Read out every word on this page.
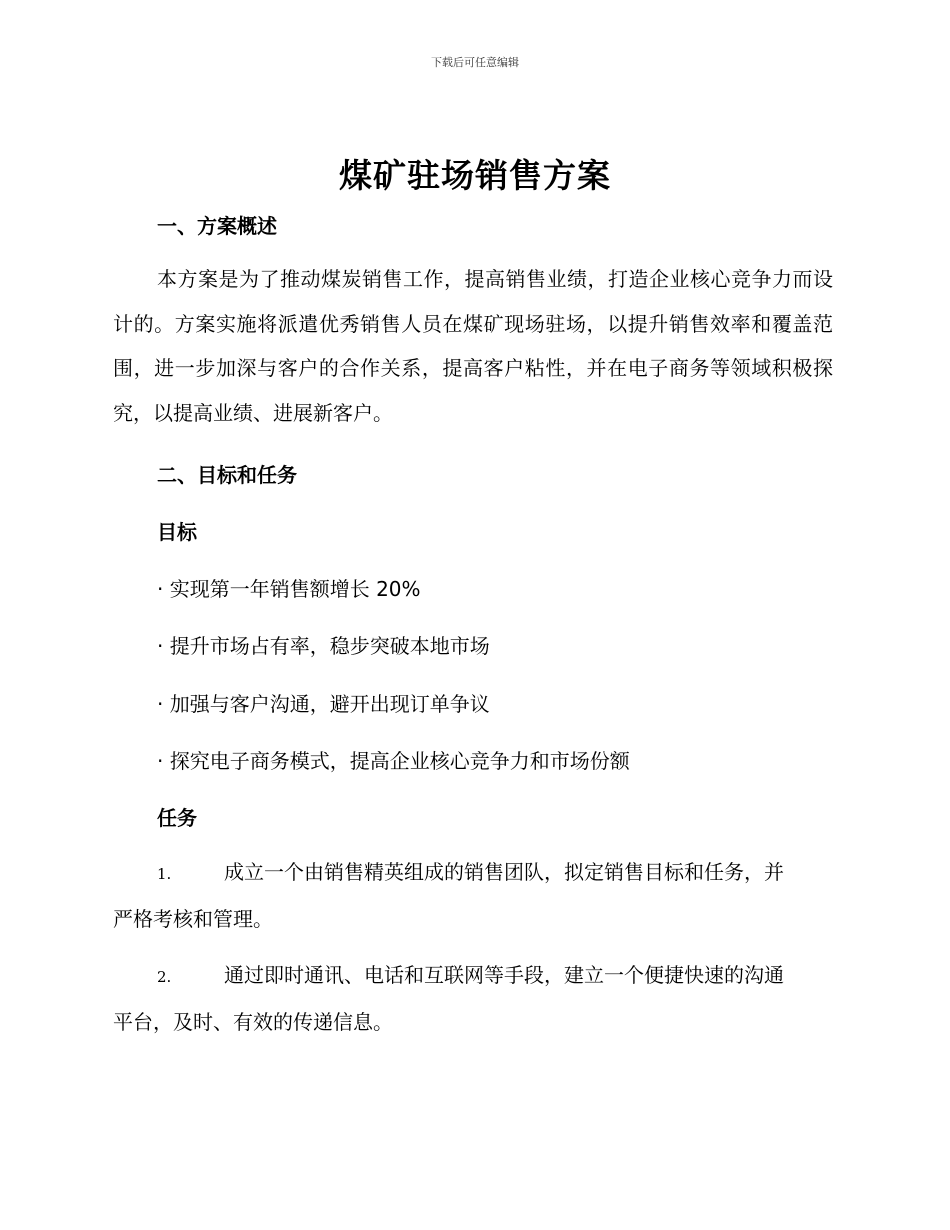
下载后可任意编辑
煤矿驻场销售方案
一、方案概述
本方案是为了推动煤炭销售工作，提高销售业绩，打造企业核心竞争力而设计的。方案实施将派遣优秀销售人员在煤矿现场驻场，以提升销售效率和覆盖范围，进一步加深与客户的合作关系，提高客户粘性，并在电子商务等领域积极探究，以提高业绩、进展新客户。
二、目标和任务
目标
· 实现第一年销售额增长 20%
· 提升市场占有率，稳步突破本地市场
· 加强与客户沟通，避开出现订单争议
· 探究电子商务模式，提高企业核心竞争力和市场份额
任务
1.	成立一个由销售精英组成的销售团队，拟定销售目标和任务，并
严格考核和管理。
2.	通过即时通讯、电话和互联网等手段，建立一个便捷快速的沟通
平台，及时、有效的传递信息。
